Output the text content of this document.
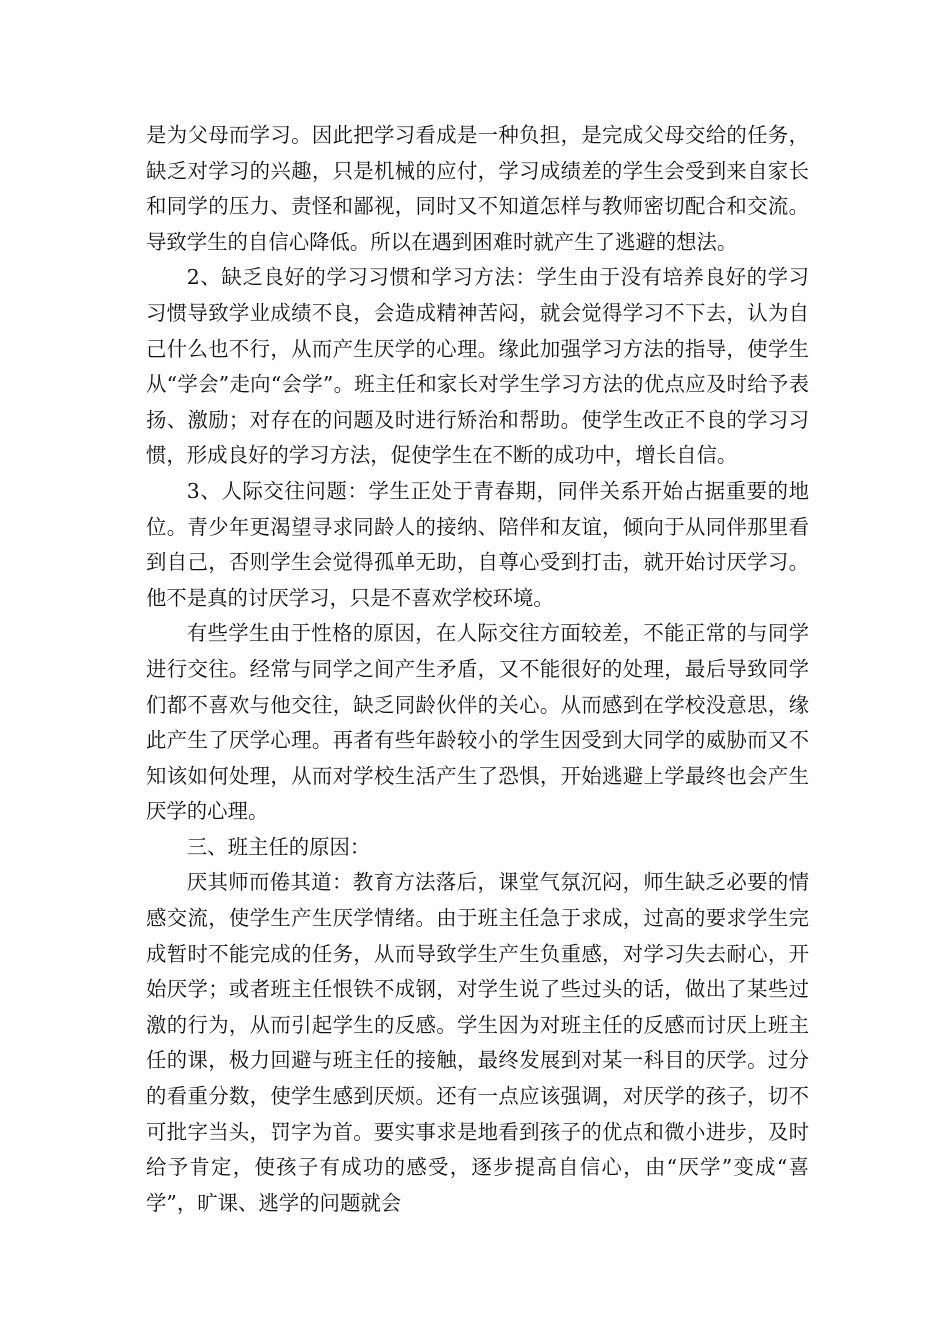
是为父母而学习。因此把学习看成是一种负担，是完成父母交给的任务，缺乏对学习的兴趣，只是机械的应付，学习成绩差的学生会受到来自家长和同学的压力、责怪和鄙视，同时又不知道怎样与教师密切配合和交流。导致学生的自信心降低。所以在遇到困难时就产生了逃避的想法。

2、缺乏良好的学习习惯和学习方法：学生由于没有培养良好的学习习惯导致学业成绩不良，会造成精神苦闷，就会觉得学习不下去，认为自己什么也不行，从而产生厌学的心理。缘此加强学习方法的指导，使学生从“学会”走向“会学”。班主任和家长对学生学习方法的优点应及时给予表扬、激励；对存在的问题及时进行矫治和帮助。使学生改正不良的学习习惯，形成良好的学习方法，促使学生在不断的成功中，增长自信。

3、人际交往问题：学生正处于青春期，同伴关系开始占据重要的地位。青少年更渴望寻求同龄人的接纳、陪伴和友谊，倾向于从同伴那里看到自己，否则学生会觉得孤单无助，自尊心受到打击，就开始讨厌学习。他不是真的讨厌学习，只是不喜欢学校环境。

有些学生由于性格的原因，在人际交往方面较差，不能正常的与同学进行交往。经常与同学之间产生矛盾，又不能很好的处理，最后导致同学们都不喜欢与他交往，缺乏同龄伙伴的关心。从而感到在学校没意思，缘此产生了厌学心理。再者有些年龄较小的学生因受到大同学的威胁而又不知该如何处理，从而对学校生活产生了恐惧，开始逃避上学最终也会产生厌学的心理。

三、班主任的原因：

厌其师而倦其道：教育方法落后，课堂气氛沉闷，师生缺乏必要的情感交流，使学生产生厌学情绪。由于班主任急于求成，过高的要求学生完成暂时不能完成的任务，从而导致学生产生负重感，对学习失去耐心，开始厌学；或者班主任恨铁不成钢，对学生说了些过头的话，做出了某些过激的行为，从而引起学生的反感。学生因为对班主任的反感而讨厌上班主任的课，极力回避与班主任的接触，最终发展到对某一科目的厌学。过分的看重分数，使学生感到厌烦。还有一点应该强调，对厌学的孩子，切不可批字当头，罚字为首。要实事求是地看到孩子的优点和微小进步，及时给予肯定，使孩子有成功的感受，逐步提高自信心，由“厌学”变成“喜学”，旷课、逃学的问题就会
